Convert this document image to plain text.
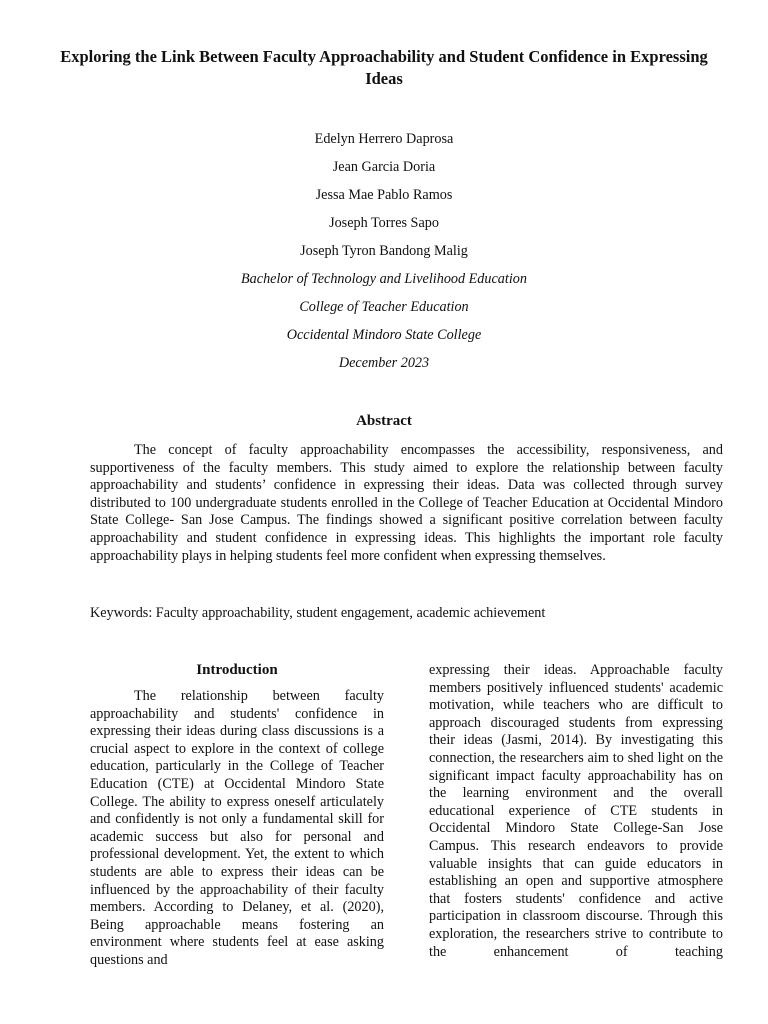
Exploring the Link Between Faculty Approachability and Student Confidence in Expressing Ideas

Edelyn Herrero Daprosa

Jean Garcia Doria

Jessa Mae Pablo Ramos

Joseph Torres Sapo

Joseph Tyron Bandong Malig

Bachelor of Technology and Livelihood Education

College of Teacher Education

Occidental Mindoro State College

December 2023

Abstract

The concept of faculty approachability encompasses the accessibility, responsiveness, and supportiveness of the faculty members. This study aimed to explore the relationship between faculty approachability and students’ confidence in expressing their ideas. Data was collected through survey distributed to 100 undergraduate students enrolled in the College of Teacher Education at Occidental Mindoro State College- San Jose Campus. The findings showed a significant positive correlation between faculty approachability and student confidence in expressing ideas. This highlights the important role faculty approachability plays in helping students feel more confident when expressing themselves.

Keywords: Faculty approachability, student engagement, academic achievement

Introduction

The relationship between faculty approachability and students' confidence in expressing their ideas during class discussions is a crucial aspect to explore in the context of college education, particularly in the College of Teacher Education (CTE) at Occidental Mindoro State College. The ability to express oneself articulately and confidently is not only a fundamental skill for academic success but also for personal and professional development. Yet, the extent to which students are able to express their ideas can be influenced by the approachability of their faculty members. According to Delaney, et al. (2020), Being approachable means fostering an environment where students feel at ease asking questions and

expressing their ideas. Approachable faculty members positively influenced students' academic motivation, while teachers who are difficult to approach discouraged students from expressing their ideas (Jasmi, 2014). By investigating this connection, the researchers aim to shed light on the significant impact faculty approachability has on the learning environment and the overall educational experience of CTE students in Occidental Mindoro State College-San Jose Campus. This research endeavors to provide valuable insights that can guide educators in establishing an open and supportive atmosphere that fosters students' confidence and active participation in classroom discourse. Through this exploration, the researchers strive to contribute to the enhancement of teaching
